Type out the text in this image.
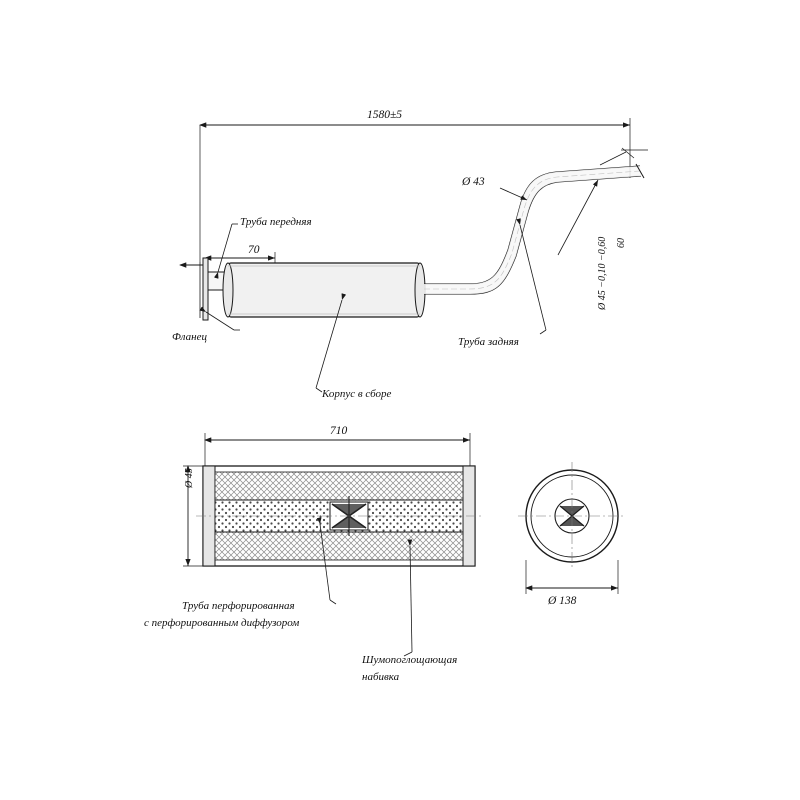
1580±5
70
Труба передняя
Фланец
Корпус в сборе
Труба задняя
Ø 43
Ø 45 −0,10 −0,60 60
710
Ø 45
Труба перфорированная
с перфорированным диффузором
Шумопоглощающая
набивка
Ø 138
